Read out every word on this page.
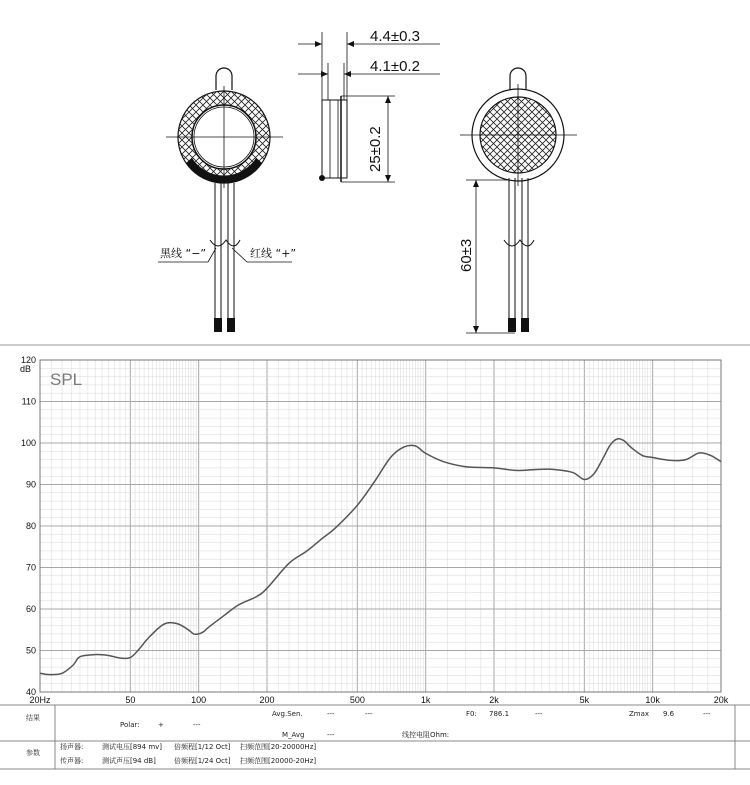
黑线 “−”	红线 “+”
4.4±0.3
4.1±0.2
25±0.2
60±3
40
50
60
70
80
90
100
110
120
20Hz	50	100	200	500	1k	2k	5k	10k	20k
dB
SPL
结果	Avg.Sen.	---	---	F0: 786.1	---	Zmax 9.6	---
Polar:	+	---
M_Avg	---	线控电阻Ohm:
参数
扬声器:	测试电压[894 mv] 倍频程[1/12 Oct] 扫频范围[20-20000Hz]
传声器:	测试声压[94 dB]	倍频程[1/24 Oct] 扫频范围[20000-20Hz]
